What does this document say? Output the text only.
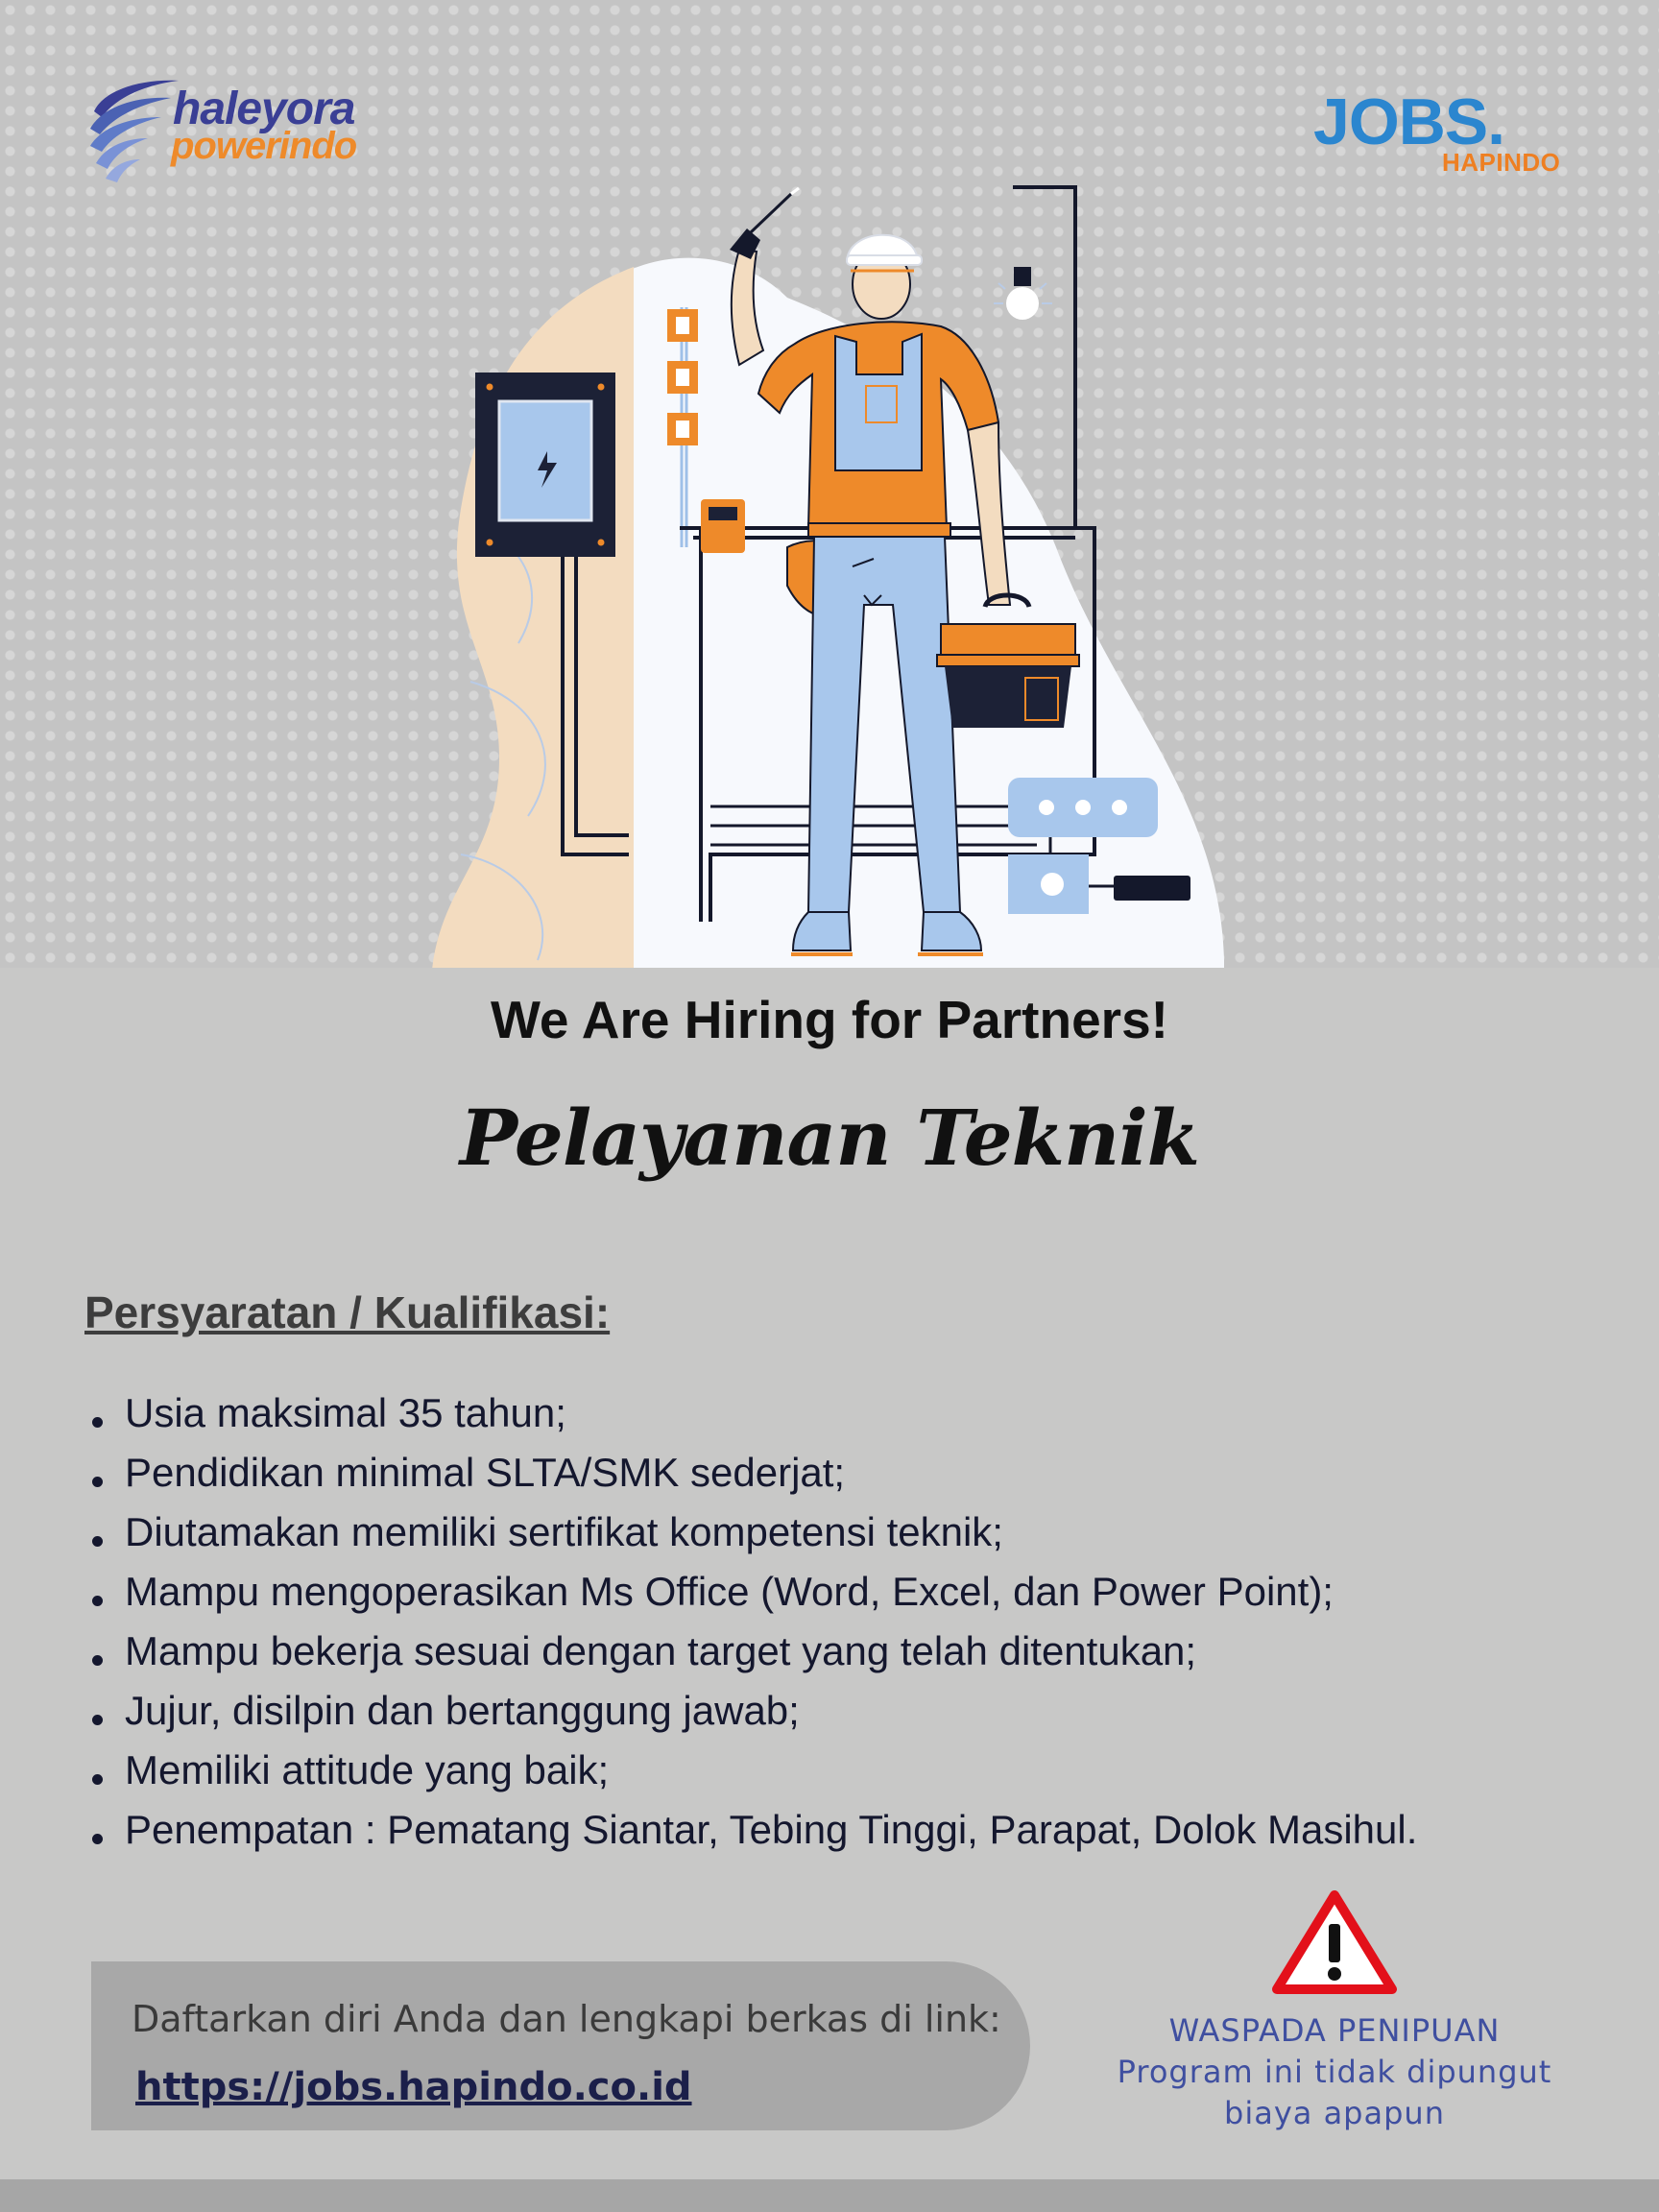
haleyora
powerindo	JOBS.
HAPINDO
We Are Hiring for Partners!
Pelayanan Teknik
Persyaratan / Kualifikasi:
Usia maksimal 35 tahun;
Pendidikan minimal SLTA/SMK sederjat;
Diutamakan memiliki sertifikat kompetensi teknik;
Mampu mengoperasikan Ms Office (Word, Excel, dan Power Point);
Mampu bekerja sesuai dengan target yang telah ditentukan;
Jujur, disilpin dan bertanggung jawab;
Memiliki attitude yang baik;
Penempatan : Pematang Siantar, Tebing Tinggi, Parapat, Dolok Masihul.
Daftarkan diri Anda dan lengkapi berkas di link:
https://jobs.hapindo.co.id
WASPADA PENIPUAN
Program ini tidak dipungut
biaya apapun
